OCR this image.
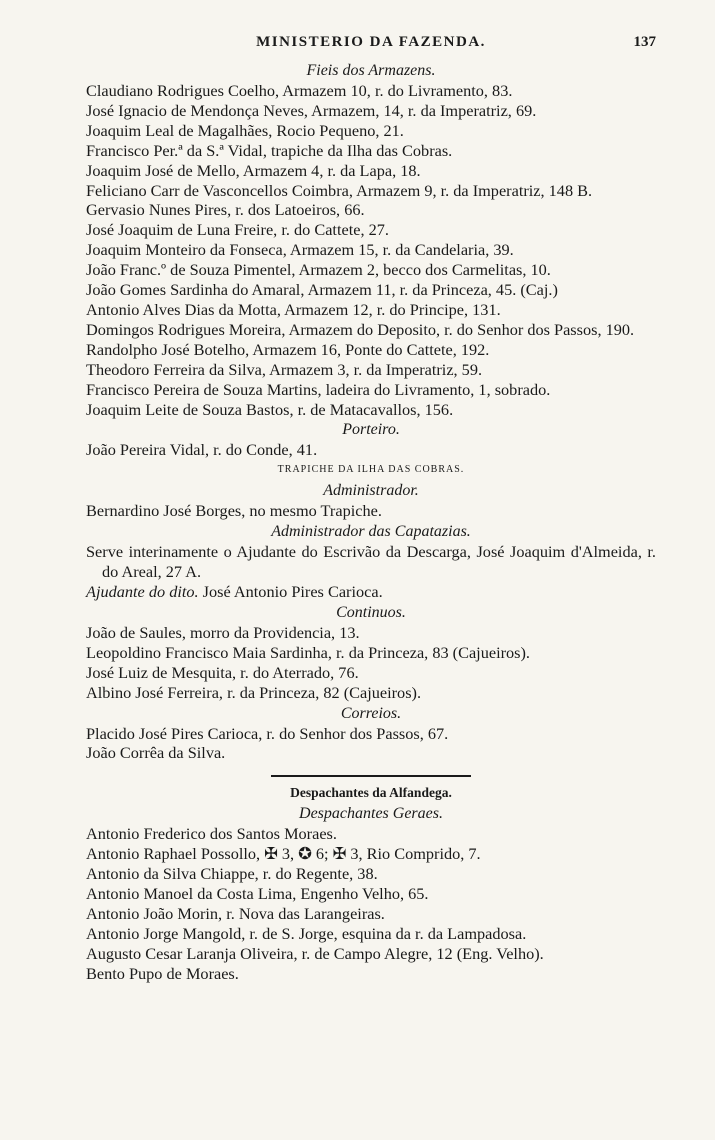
MINISTERIO DA FAZENDA.	137
Fieis dos Armazens.
Claudiano Rodrigues Coelho, Armazem 10, r. do Livramento, 83.
José Ignacio de Mendonça Neves, Armazem, 14, r. da Imperatriz, 69.
Joaquim Leal de Magalhães, Rocio Pequeno, 21.
Francisco Per.ª da S.ª Vidal, trapiche da Ilha das Cobras.
Joaquim José de Mello, Armazem 4, r. da Lapa, 18.
Feliciano Carr de Vasconcellos Coimbra, Armazem 9, r. da Imperatriz, 148 B.
Gervasio Nunes Pires, r. dos Latoeiros, 66.
José Joaquim de Luna Freire, r. do Cattete, 27.
Joaquim Monteiro da Fonseca, Armazem 15, r. da Candelaria, 39.
João Franc.º de Souza Pimentel, Armazem 2, becco dos Carmelitas, 10.
João Gomes Sardinha do Amaral, Armazem 11, r. da Princeza, 45. (Caj.)
Antonio Alves Dias da Motta, Armazem 12, r. do Principe, 131.
Domingos Rodrigues Moreira, Armazem do Deposito, r. do Senhor dos Passos, 190.
Randolpho José Botelho, Armazem 16, Ponte do Cattete, 192.
Theodoro Ferreira da Silva, Armazem 3, r. da Imperatriz, 59.
Francisco Pereira de Souza Martins, ladeira do Livramento, 1, sobrado.
Joaquim Leite de Souza Bastos, r. de Matacavallos, 156.
Porteiro.
João Pereira Vidal, r. do Conde, 41.
TRAPICHE DA ILHA DAS COBRAS.
Administrador.
Bernardino José Borges, no mesmo Trapiche.
Administrador das Capatazias.
Serve interinamente o Ajudante do Escrivão da Descarga, José Joaquim d'Almeida, r. do Areal, 27 A.
Ajudante do dito. José Antonio Pires Carioca.
Continuos.
João de Saules, morro da Providencia, 13.
Leopoldino Francisco Maia Sardinha, r. da Princeza, 83 (Cajueiros).
José Luiz de Mesquita, r. do Aterrado, 76.
Albino José Ferreira, r. da Princeza, 82 (Cajueiros).
Correios.
Placido José Pires Carioca, r. do Senhor dos Passos, 67.
João Corrêa da Silva.
Despachantes da Alfandega.
Despachantes Geraes.
Antonio Frederico dos Santos Moraes.
Antonio Raphael Possollo, ✠ 3, ✪ 6; ✠ 3, Rio Comprido, 7.
Antonio da Silva Chiappe, r. do Regente, 38.
Antonio Manoel da Costa Lima, Engenho Velho, 65.
Antonio João Morin, r. Nova das Larangeiras.
Antonio Jorge Mangold, r. de S. Jorge, esquina da r. da Lampadosa.
Augusto Cesar Laranja Oliveira, r. de Campo Alegre, 12 (Eng. Velho).
Bento Pupo de Moraes.
